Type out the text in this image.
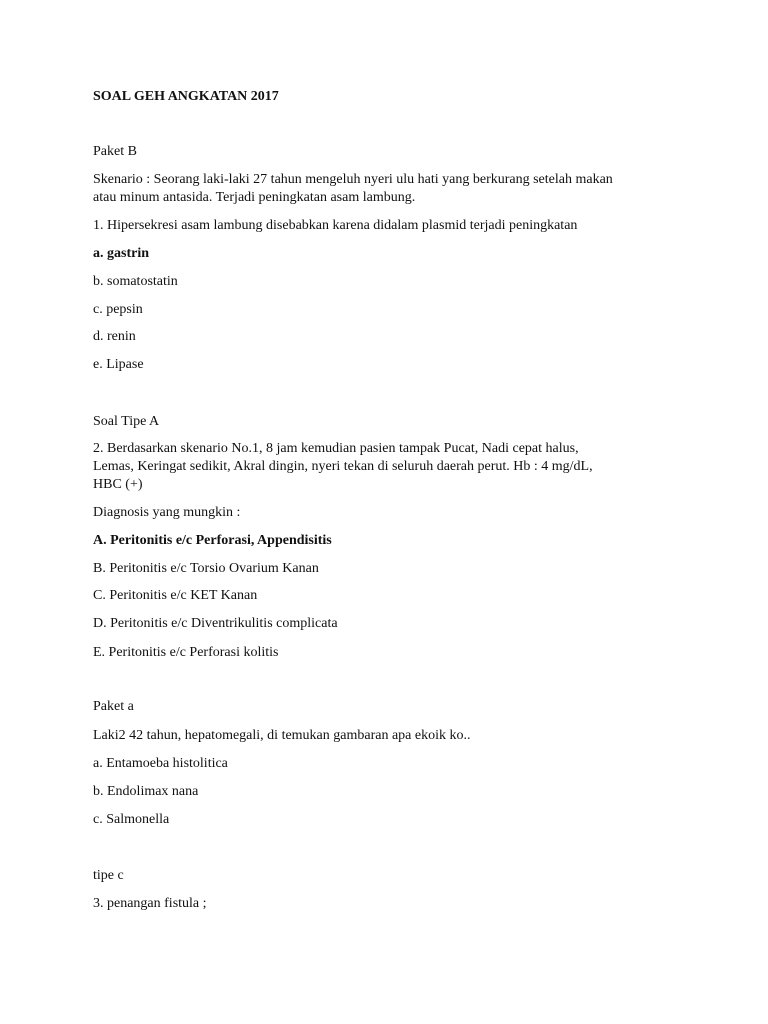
SOAL GEH ANGKATAN 2017
Paket B
Skenario : Seorang laki-laki 27 tahun mengeluh nyeri ulu hati yang berkurang setelah makan
atau minum antasida. Terjadi peningkatan asam lambung.
1. Hipersekresi asam lambung disebabkan karena didalam plasmid terjadi peningkatan
a. gastrin
b. somatostatin
c. pepsin
d. renin
e. Lipase
Soal Tipe A
2. Berdasarkan skenario No.1, 8 jam kemudian pasien tampak Pucat, Nadi cepat halus,
Lemas, Keringat sedikit, Akral dingin, nyeri tekan di seluruh daerah perut. Hb : 4 mg/dL,
HBC (+)
Diagnosis yang mungkin :
A. Peritonitis e/c Perforasi, Appendisitis
B. Peritonitis e/c Torsio Ovarium Kanan
C. Peritonitis e/c KET Kanan
D. Peritonitis e/c Diventrikulitis complicata
E. Peritonitis e/c Perforasi kolitis
Paket a
Laki2 42 tahun, hepatomegali, di temukan gambaran apa ekoik ko..
a. Entamoeba histolitica
b. Endolimax nana
c. Salmonella
tipe c
3. penangan fistula ;
